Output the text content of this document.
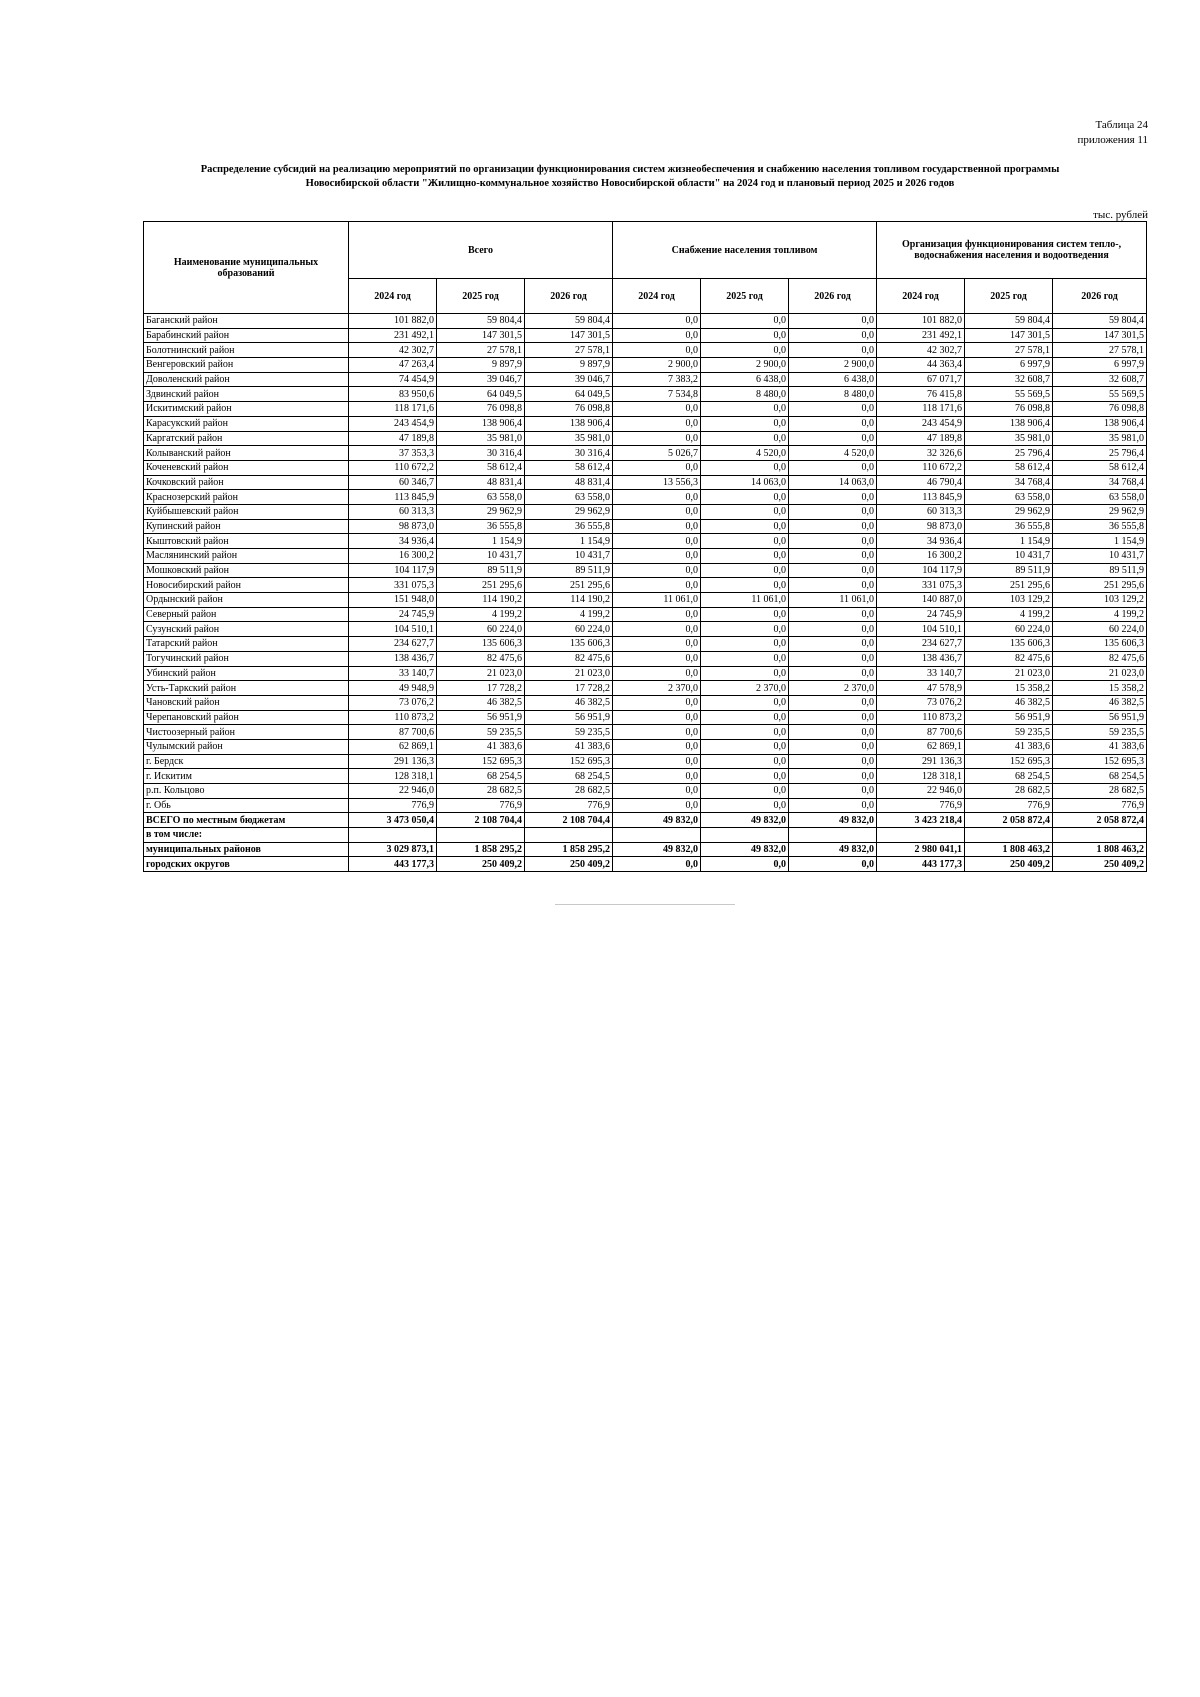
Таблица 24
приложения 11
Распределение субсидий на реализацию мероприятий по организации функционирования систем жизнеобеспечения и снабжению населения топливом государственной программы
Новосибирской области "Жилищно-коммунальное хозяйство Новосибирской области" на 2024 год и плановый период 2025 и 2026 годов
тыс. рублей
Наименование муниципальных образований	Всего			Снабжение населения топливом			Организация функционирования систем тепло-, водоснабжения населения и водоотведения		
	2024 год	2025 год	2026 год	2024 год	2025 год	2026 год	2024 год	2025 год	2026 год
Баганский район	101 882,0	59 804,4	59 804,4	0,0	0,0	0,0	101 882,0	59 804,4	59 804,4
Барабинский район	231 492,1	147 301,5	147 301,5	0,0	0,0	0,0	231 492,1	147 301,5	147 301,5
Болотнинский район	42 302,7	27 578,1	27 578,1	0,0	0,0	0,0	42 302,7	27 578,1	27 578,1
Венгеровский район	47 263,4	9 897,9	9 897,9	2 900,0	2 900,0	2 900,0	44 363,4	6 997,9	6 997,9
Доволенский район	74 454,9	39 046,7	39 046,7	7 383,2	6 438,0	6 438,0	67 071,7	32 608,7	32 608,7
Здвинский район	83 950,6	64 049,5	64 049,5	7 534,8	8 480,0	8 480,0	76 415,8	55 569,5	55 569,5
Искитимский район	118 171,6	76 098,8	76 098,8	0,0	0,0	0,0	118 171,6	76 098,8	76 098,8
Карасукский район	243 454,9	138 906,4	138 906,4	0,0	0,0	0,0	243 454,9	138 906,4	138 906,4
Каргатский район	47 189,8	35 981,0	35 981,0	0,0	0,0	0,0	47 189,8	35 981,0	35 981,0
Колыванский район	37 353,3	30 316,4	30 316,4	5 026,7	4 520,0	4 520,0	32 326,6	25 796,4	25 796,4
Коченевский район	110 672,2	58 612,4	58 612,4	0,0	0,0	0,0	110 672,2	58 612,4	58 612,4
Кочковский район	60 346,7	48 831,4	48 831,4	13 556,3	14 063,0	14 063,0	46 790,4	34 768,4	34 768,4
Краснозерский район	113 845,9	63 558,0	63 558,0	0,0	0,0	0,0	113 845,9	63 558,0	63 558,0
Куйбышевский район	60 313,3	29 962,9	29 962,9	0,0	0,0	0,0	60 313,3	29 962,9	29 962,9
Купинский район	98 873,0	36 555,8	36 555,8	0,0	0,0	0,0	98 873,0	36 555,8	36 555,8
Кыштовский район	34 936,4	1 154,9	1 154,9	0,0	0,0	0,0	34 936,4	1 154,9	1 154,9
Маслянинский район	16 300,2	10 431,7	10 431,7	0,0	0,0	0,0	16 300,2	10 431,7	10 431,7
Мошковский район	104 117,9	89 511,9	89 511,9	0,0	0,0	0,0	104 117,9	89 511,9	89 511,9
Новосибирский район	331 075,3	251 295,6	251 295,6	0,0	0,0	0,0	331 075,3	251 295,6	251 295,6
Ордынский район	151 948,0	114 190,2	114 190,2	11 061,0	11 061,0	11 061,0	140 887,0	103 129,2	103 129,2
Северный район	24 745,9	4 199,2	4 199,2	0,0	0,0	0,0	24 745,9	4 199,2	4 199,2
Сузунский район	104 510,1	60 224,0	60 224,0	0,0	0,0	0,0	104 510,1	60 224,0	60 224,0
Татарский район	234 627,7	135 606,3	135 606,3	0,0	0,0	0,0	234 627,7	135 606,3	135 606,3
Тогучинский район	138 436,7	82 475,6	82 475,6	0,0	0,0	0,0	138 436,7	82 475,6	82 475,6
Убинский район	33 140,7	21 023,0	21 023,0	0,0	0,0	0,0	33 140,7	21 023,0	21 023,0
Усть-Таркский район	49 948,9	17 728,2	17 728,2	2 370,0	2 370,0	2 370,0	47 578,9	15 358,2	15 358,2
Чановский район	73 076,2	46 382,5	46 382,5	0,0	0,0	0,0	73 076,2	46 382,5	46 382,5
Черепановский район	110 873,2	56 951,9	56 951,9	0,0	0,0	0,0	110 873,2	56 951,9	56 951,9
Чистоозерный район	87 700,6	59 235,5	59 235,5	0,0	0,0	0,0	87 700,6	59 235,5	59 235,5
Чулымский район	62 869,1	41 383,6	41 383,6	0,0	0,0	0,0	62 869,1	41 383,6	41 383,6
г. Бердск	291 136,3	152 695,3	152 695,3	0,0	0,0	0,0	291 136,3	152 695,3	152 695,3
г. Искитим	128 318,1	68 254,5	68 254,5	0,0	0,0	0,0	128 318,1	68 254,5	68 254,5
р.п. Кольцово	22 946,0	28 682,5	28 682,5	0,0	0,0	0,0	22 946,0	28 682,5	28 682,5
г. Обь	776,9	776,9	776,9	0,0	0,0	0,0	776,9	776,9	776,9
ВСЕГО по местным бюджетам	3 473 050,4	2 108 704,4	2 108 704,4	49 832,0	49 832,0	49 832,0	3 423 218,4	2 058 872,4	2 058 872,4
в том числе:									
муниципальных районов	3 029 873,1	1 858 295,2	1 858 295,2	49 832,0	49 832,0	49 832,0	2 980 041,1	1 808 463,2	1 808 463,2
городских округов	443 177,3	250 409,2	250 409,2	0,0	0,0	0,0	443 177,3	250 409,2	250 409,2
